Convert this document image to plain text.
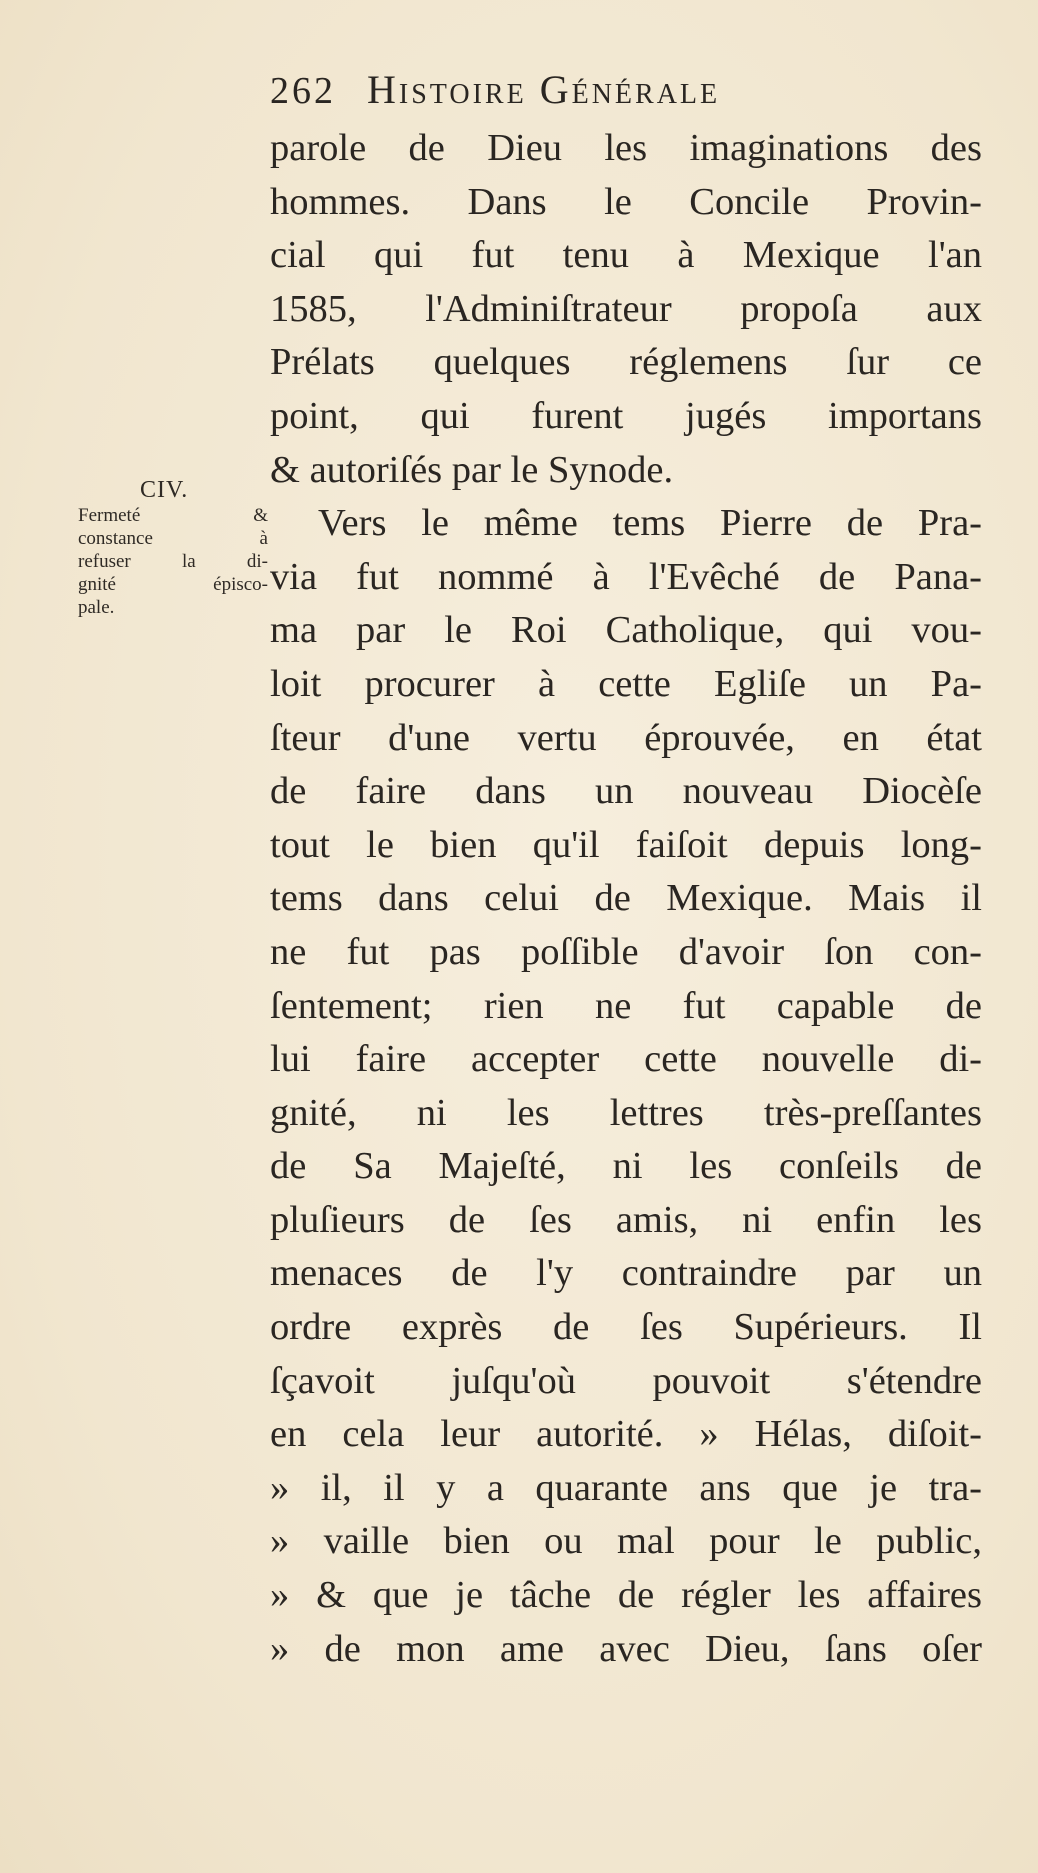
262 Histoire Générale
CIV.
Fermeté &
constance à
refuser la di-
gnité épisco-
pale.
parole de Dieu les imaginations des
hommes. Dans le Concile Provin-
cial qui fut tenu à Mexique l'an
1585, l'Adminiſtrateur propoſa aux
Prélats quelques réglemens ſur ce
point, qui furent jugés importans
& autoriſés par le Synode.
Vers le même tems Pierre de Pra-
via fut nommé à l'Evêché de Pana-
ma par le Roi Catholique, qui vou-
loit procurer à cette Egliſe un Pa-
ſteur d'une vertu éprouvée, en état
de faire dans un nouveau Diocèſe
tout le bien qu'il faiſoit depuis long-
tems dans celui de Mexique. Mais il
ne fut pas poſſible d'avoir ſon con-
ſentement; rien ne fut capable de
lui faire accepter cette nouvelle di-
gnité, ni les lettres très-preſſantes
de Sa Majeſté, ni les conſeils de
pluſieurs de ſes amis, ni enfin les
menaces de l'y contraindre par un
ordre exprès de ſes Supérieurs. Il
ſçavoit juſqu'où pouvoit s'étendre
en cela leur autorité. » Hélas, diſoit-
» il, il y a quarante ans que je tra-
» vaille bien ou mal pour le public,
» & que je tâche de régler les affaires
» de mon ame avec Dieu, ſans oſer
